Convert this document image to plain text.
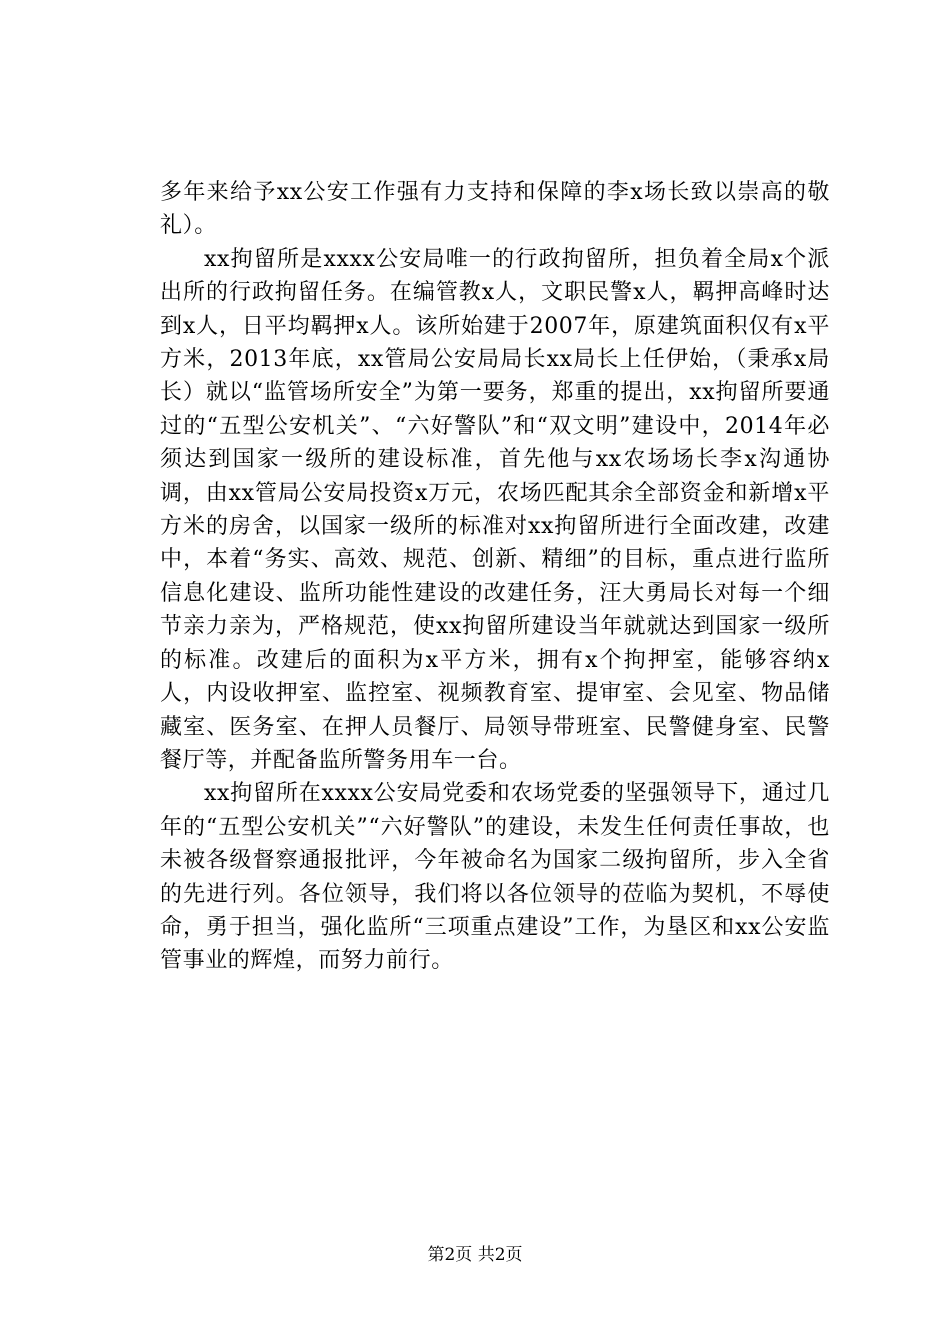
多年来给予xx公安工作强有力支持和保障的李x场长致以崇高的敬礼）。

xx拘留所是xxxx公安局唯一的行政拘留所，担负着全局x个派出所的行政拘留任务。在编管教x人，文职民警x人，羁押高峰时达到x人，日平均羁押x人。该所始建于2007年，原建筑面积仅有x平方米，2013年底，xx管局公安局局长xx局长上任伊始，（秉承x局长）就以“监管场所安全”为第一要务，郑重的提出，xx拘留所要通过的“五型公安机关”、“六好警队”和“双文明”建设中，2014年必须达到国家一级所的建设标准，首先他与xx农场场长李x沟通协调，由xx管局公安局投资x万元，农场匹配其余全部资金和新增x平方米的房舍，以国家一级所的标准对xx拘留所进行全面改建，改建中，本着“务实、高效、规范、创新、精细”的目标，重点进行监所信息化建设、监所功能性建设的改建任务，汪大勇局长对每一个细节亲力亲为，严格规范，使xx拘留所建设当年就就达到国家一级所的标准。改建后的面积为x平方米，拥有x个拘押室，能够容纳x人，内设收押室、监控室、视频教育室、提审室、会见室、物品储藏室、医务室、在押人员餐厅、局领导带班室、民警健身室、民警餐厅等，并配备监所警务用车一台。

xx拘留所在xxxx公安局党委和农场党委的坚强领导下，通过几年的“五型公安机关”“六好警队”的建设，未发生任何责任事故，也未被各级督察通报批评，今年被命名为国家二级拘留所，步入全省的先进行列。各位领导，我们将以各位领导的莅临为契机，不辱使命，勇于担当，强化监所“三项重点建设”工作，为垦区和xx公安监管事业的辉煌，而努力前行。

第2页 共2页
